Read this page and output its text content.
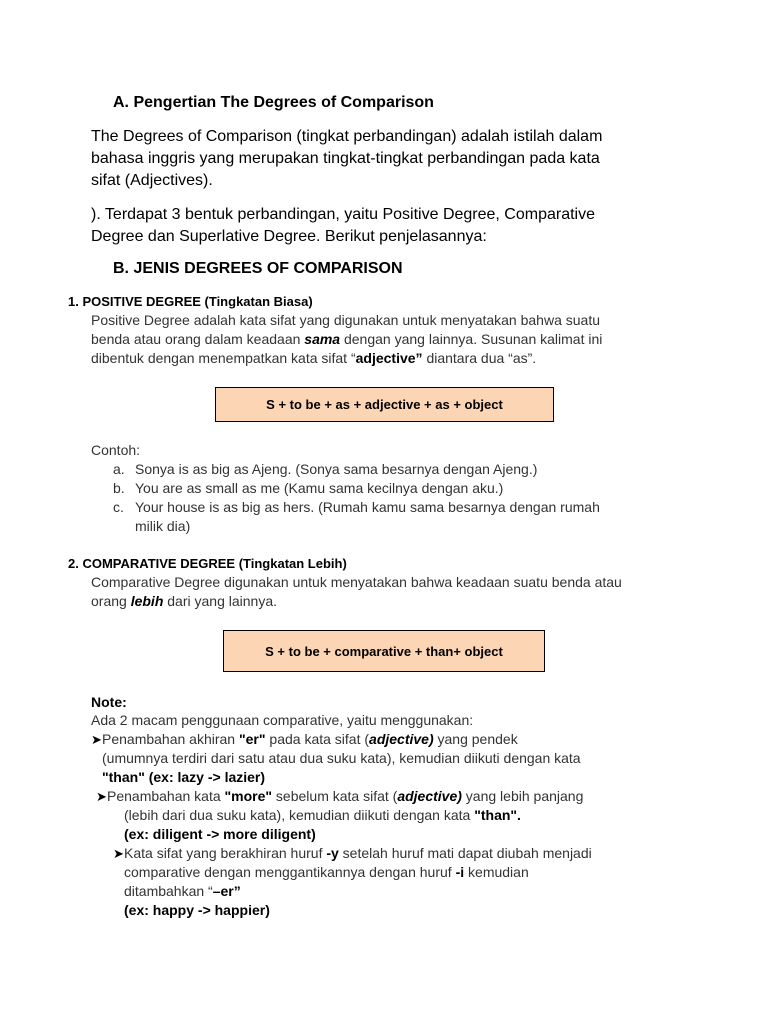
A. Pengertian The Degrees of Comparison
The Degrees of Comparison (tingkat perbandingan) adalah istilah dalam
bahasa inggris yang merupakan tingkat-tingkat perbandingan pada kata
sifat (Adjectives).
). Terdapat 3 bentuk perbandingan, yaitu Positive Degree, Comparative
Degree dan Superlative Degree. Berikut penjelasannya:
B. JENIS DEGREES OF COMPARISON
1. POSITIVE DEGREE (Tingkatan Biasa)
Positive Degree adalah kata sifat yang digunakan untuk menyatakan bahwa suatu
benda atau orang dalam keadaan sama dengan yang lainnya. Susunan kalimat ini
dibentuk dengan menempatkan kata sifat “adjective” diantara dua “as”.
S + to be + as + adjective + as + object
Contoh:
a. Sonya is as big as Ajeng. (Sonya sama besarnya dengan Ajeng.)
b. You are as small as me (Kamu sama kecilnya dengan aku.)
c. Your house is as big as hers. (Rumah kamu sama besarnya dengan rumah
milik dia)
2. COMPARATIVE DEGREE (Tingkatan Lebih)
Comparative Degree digunakan untuk menyatakan bahwa keadaan suatu benda atau
orang lebih dari yang lainnya.
S + to be + comparative + than+ object
Note:
Ada 2 macam penggunaan comparative, yaitu menggunakan:
➤Penambahan akhiran "er" pada kata sifat (adjective) yang pendek
(umumnya terdiri dari satu atau dua suku kata), kemudian diikuti dengan kata
"than" (ex: lazy -> lazier)
➤Penambahan kata "more" sebelum kata sifat (adjective) yang lebih panjang
(lebih dari dua suku kata), kemudian diikuti dengan kata "than".
(ex: diligent -> more diligent)
➤Kata sifat yang berakhiran huruf -y setelah huruf mati dapat diubah menjadi
comparative dengan menggantikannya dengan huruf -i kemudian
ditambahkan “–er”
(ex: happy -> happier)
